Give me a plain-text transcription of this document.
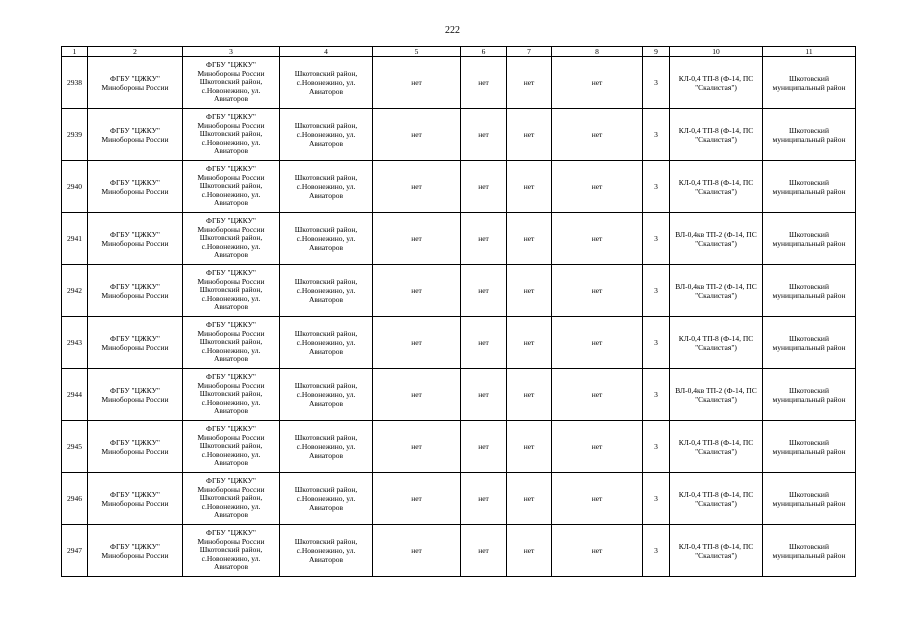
222
1	2	3	4	5	6	7	8	9	10	11
2938	ФГБУ "ЦЖКУ" Минобороны России	ФГБУ "ЦЖКУ"
Минобороны России
Шкотовский район,
с.Новонежино, ул.
Авиаторов	Шкотовский район, с.Новонежино, ул. Авиаторов	нет	нет	нет	нет	3	КЛ-0,4 ТП-8 (Ф-14, ПС "Скалистая")	Шкотовский муниципальный район
2939	ФГБУ "ЦЖКУ" Минобороны России	ФГБУ "ЦЖКУ"
Минобороны России
Шкотовский район,
с.Новонежино, ул.
Авиаторов	Шкотовский район, с.Новонежино, ул. Авиаторов	нет	нет	нет	нет	3	КЛ-0,4 ТП-8 (Ф-14, ПС "Скалистая")	Шкотовский муниципальный район
2940	ФГБУ "ЦЖКУ" Минобороны России	ФГБУ "ЦЖКУ"
Минобороны России
Шкотовский район,
с.Новонежино, ул.
Авиаторов	Шкотовский район, с.Новонежино, ул. Авиаторов	нет	нет	нет	нет	3	КЛ-0,4 ТП-8 (Ф-14, ПС "Скалистая")	Шкотовский муниципальный район
2941	ФГБУ "ЦЖКУ" Минобороны России	ФГБУ "ЦЖКУ"
Минобороны России
Шкотовский район,
с.Новонежино, ул.
Авиаторов	Шкотовский район, с.Новонежино, ул. Авиаторов	нет	нет	нет	нет	3	ВЛ-0,4кв ТП-2 (Ф-14, ПС "Скалистая")	Шкотовский муниципальный район
2942	ФГБУ "ЦЖКУ" Минобороны России	ФГБУ "ЦЖКУ"
Минобороны России
Шкотовский район,
с.Новонежино, ул.
Авиаторов	Шкотовский район, с.Новонежино, ул. Авиаторов	нет	нет	нет	нет	3	ВЛ-0,4кв ТП-2 (Ф-14, ПС "Скалистая")	Шкотовский муниципальный район
2943	ФГБУ "ЦЖКУ" Минобороны России	ФГБУ "ЦЖКУ"
Минобороны России
Шкотовский район,
с.Новонежино, ул.
Авиаторов	Шкотовский район, с.Новонежино, ул. Авиаторов	нет	нет	нет	нет	3	КЛ-0,4 ТП-8 (Ф-14, ПС "Скалистая")	Шкотовский муниципальный район
2944	ФГБУ "ЦЖКУ" Минобороны России	ФГБУ "ЦЖКУ"
Минобороны России
Шкотовский район,
с.Новонежино, ул.
Авиаторов	Шкотовский район, с.Новонежино, ул. Авиаторов	нет	нет	нет	нет	3	ВЛ-0,4кв ТП-2 (Ф-14, ПС "Скалистая")	Шкотовский муниципальный район
2945	ФГБУ "ЦЖКУ" Минобороны России	ФГБУ "ЦЖКУ"
Минобороны России
Шкотовский район,
с.Новонежино, ул.
Авиаторов	Шкотовский район, с.Новонежино, ул. Авиаторов	нет	нет	нет	нет	3	КЛ-0,4 ТП-8 (Ф-14, ПС "Скалистая")	Шкотовский муниципальный район
2946	ФГБУ "ЦЖКУ" Минобороны России	ФГБУ "ЦЖКУ"
Минобороны России
Шкотовский район,
с.Новонежино, ул.
Авиаторов	Шкотовский район, с.Новонежино, ул. Авиаторов	нет	нет	нет	нет	3	КЛ-0,4 ТП-8 (Ф-14, ПС "Скалистая")	Шкотовский муниципальный район
2947	ФГБУ "ЦЖКУ" Минобороны России	ФГБУ "ЦЖКУ"
Минобороны России
Шкотовский район,
с.Новонежино, ул.
Авиаторов	Шкотовский район, с.Новонежино, ул. Авиаторов	нет	нет	нет	нет	3	КЛ-0,4 ТП-8 (Ф-14, ПС "Скалистая")	Шкотовский муниципальный район
